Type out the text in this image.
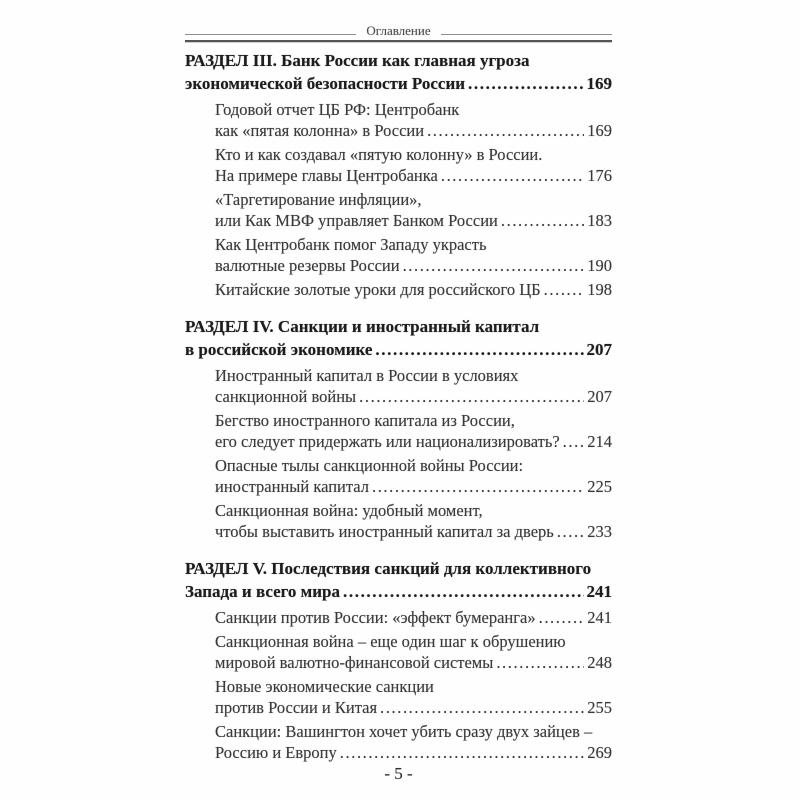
Оглавление
РАЗДЕЛ III. Банк России как главная угроза
экономической безопасности России .....	169
Годовой отчет ЦБ РФ: Центробанк
как «пятая колонна» в России .....	169
Кто и как создавал «пятую колонну» в России.
На примере главы Центробанка .....	176
«Таргетирование инфляции»,
или Как МВФ управляет Банком России .....	183
Как Центробанк помог Западу украсть
валютные резервы России .....	190
Китайские золотые уроки для российского ЦБ .....	198
РАЗДЕЛ IV. Санкции и иностранный капитал
в российской экономике .....	207
Иностранный капитал в России в условиях
санкционной войны .....	207
Бегство иностранного капитала из России,
его следует придержать или национализировать? ..... 214
Опасные тылы санкционной войны России:
иностранный капитал .....	225
Санкционная война: удобный момент,
чтобы выставить иностранный капитал за дверь ..... 233
РАЗДЕЛ V. Последствия санкций для коллективного
Запада и всего мира .....	241
Санкции против России: «эффект бумеранга» .....	241
Санкционная война – еще один шаг к обрушению
мировой валютно-финансовой системы .....	248
Новые экономические санкции
против России и Китая .....	255
Санкции: Вашингтон хочет убить сразу двух зайцев –
Россию и Европу .....	269
- 5 -
